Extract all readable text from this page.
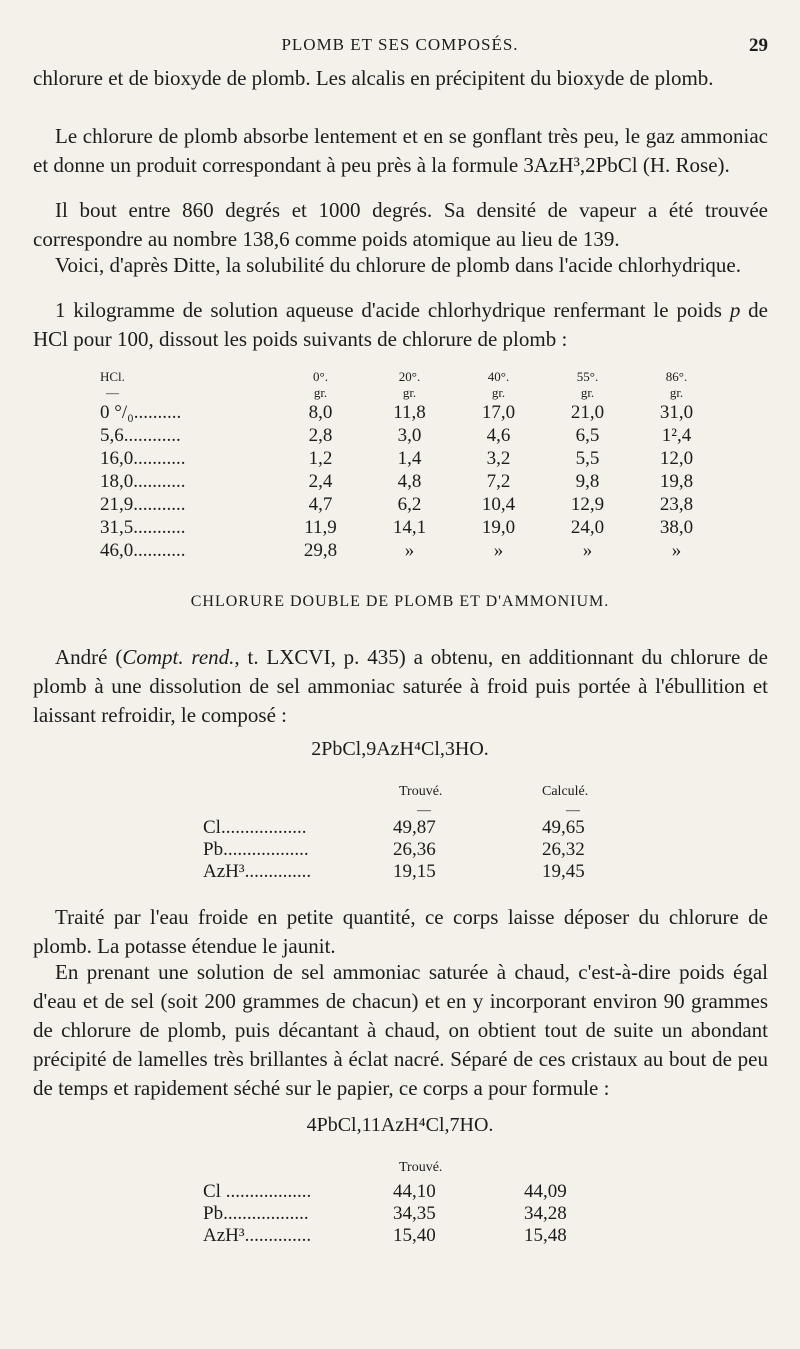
PLOMB ET SES COMPOSÉS.	29

chlorure et de bioxyde de plomb. Les alcalis en précipitent du bioxyde de plomb.

Le chlorure de plomb absorbe lentement et en se gonflant très peu, le gaz ammoniac et donne un produit correspondant à peu près à la formule 3AzH³,2PbCl (H. Rose).

Il bout entre 860 degrés et 1000 degrés. Sa densité de vapeur a été trouvée correspondre au nombre 138,6 comme poids atomique au lieu de 139.

Voici, d'après Ditte, la solubilité du chlorure de plomb dans l'acide chlorhydrique.

1 kilogramme de solution aqueuse d'acide chlorhydrique renfermant le poids p de HCl pour 100, dissout les poids suivants de chlorure de plomb :

HCl.	0°.	20°.	40°.	55°.	86°.
—	gr.	gr.	gr.	gr.	gr.
0 °/₀..........	8,0	11,8	17,0	21,0	31,0
5,6............	2,8	3,0	4,6	6,5	1²,4
16,0...........	1,2	1,4	3,2	5,5	12,0
18,0...........	2,4	4,8	7,2	9,8	19,8
21,9...........	4,7	6,2	10,4	12,9	23,8
31,5...........	11,9	14,1	19,0	24,0	38,0
46,0...........	29,8	»	»	»	»
CHLORURE DOUBLE DE PLOMB ET D'AMMONIUM.

André (Compt. rend., t. LXCVI, p. 435) a obtenu, en additionnant du chlorure de plomb à une dissolution de sel ammoniac saturée à froid puis portée à l'ébullition et laissant refroidir, le composé :

2PbCl,9AzH⁴Cl,3HO.
	Trouvé.	Calculé.
	—	—
Cl..................	49,87	49,65
Pb..................	26,36	26,32
AzH³..............	19,15	19,45

Traité par l'eau froide en petite quantité, ce corps laisse déposer du chlorure de plomb. La potasse étendue le jaunit.

En prenant une solution de sel ammoniac saturée à chaud, c'est-à-dire poids égal d'eau et de sel (soit 200 grammes de chacun) et en y incorporant environ 90 grammes de chlorure de plomb, puis décantant à chaud, on obtient tout de suite un abondant précipité de lamelles très brillantes à éclat nacré. Séparé de ces cristaux au bout de peu de temps et rapidement séché sur le papier, ce corps a pour formule :

4PbCl,11AzH⁴Cl,7HO.
	Trouvé.	
Cl ..................	44,10	44,09
Pb..................	34,35	34,28
AzH³..............	15,40	15,48
